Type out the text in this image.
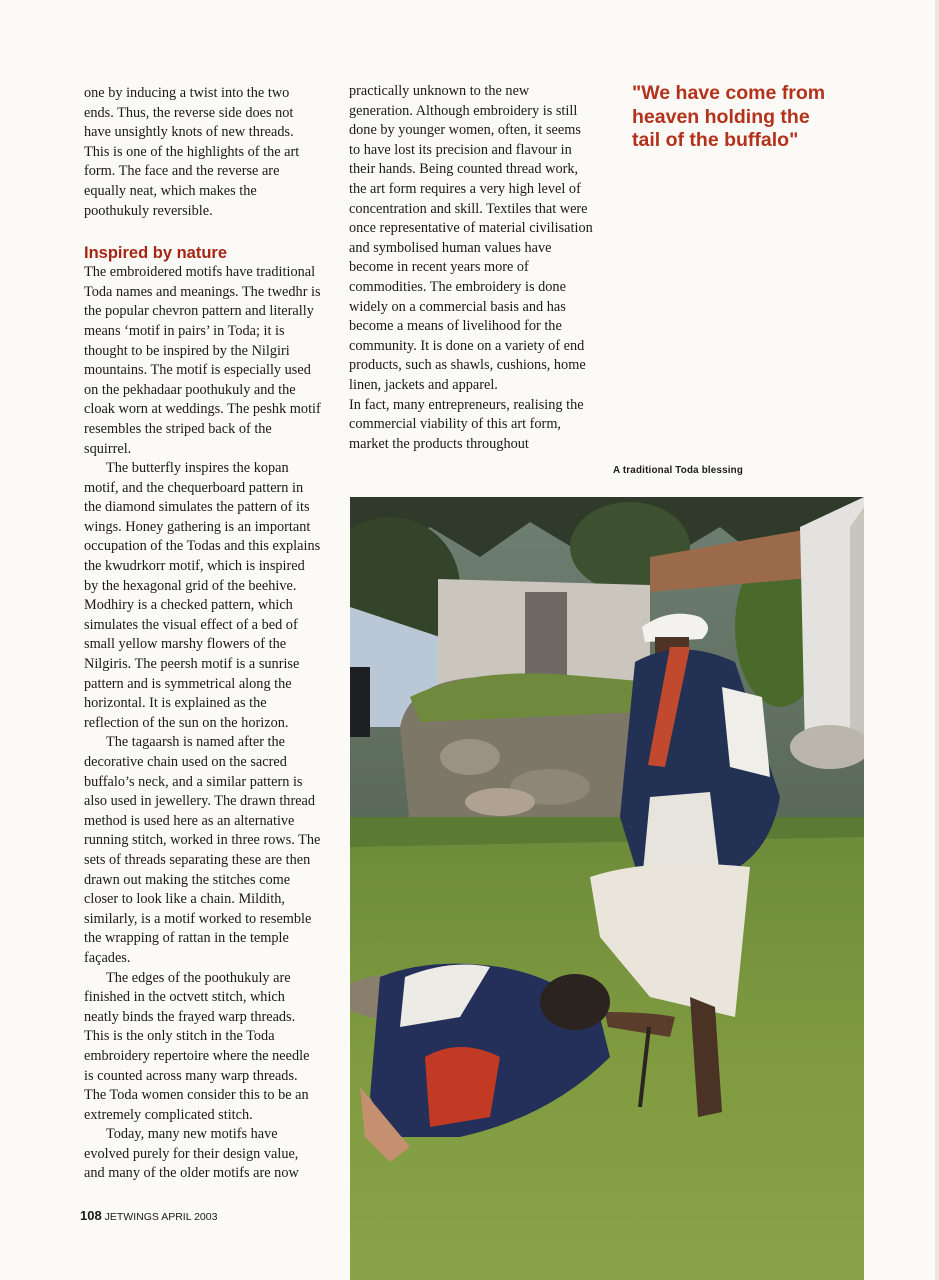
one by inducing a twist into the two ends. Thus, the reverse side does not have unsightly knots of new threads. This is one of the highlights of the art form. The face and the reverse are equally neat, which makes the poothukuly reversible.

Inspired by nature

The embroidered motifs have traditional Toda names and meanings. The twedhr is the popular chevron pattern and literally means ‘motif in pairs’ in Toda; it is thought to be inspired by the Nilgiri mountains. The motif is especially used on the pekhadaar poothukuly and the cloak worn at weddings. The peshk motif resembles the striped back of the squirrel.

The butterfly inspires the kopan motif, and the chequerboard pattern in the diamond simulates the pattern of its wings. Honey gathering is an important occupation of the Todas and this explains the kwudrkorr motif, which is inspired by the hexagonal grid of the beehive. Modhiry is a checked pattern, which simulates the visual effect of a bed of small yellow marshy flowers of the Nilgiris. The peersh motif is a sunrise pattern and is symmetrical along the horizontal. It is explained as the reflection of the sun on the horizon.

The tagaarsh is named after the decorative chain used on the sacred buffalo’s neck, and a similar pattern is also used in jewellery. The drawn thread method is used here as an alternative running stitch, worked in three rows. The sets of threads separating these are then drawn out making the stitches come closer to look like a chain. Mildith, similarly, is a motif worked to resemble the wrapping of rattan in the temple façades.

The edges of the poothukuly are finished in the octvett stitch, which neatly binds the frayed warp threads. This is the only stitch in the Toda embroidery repertoire where the needle is counted across many warp threads. The Toda women consider this to be an extremely complicated stitch.

Today, many new motifs have evolved purely for their design value, and many of the older motifs are now

practically unknown to the new generation. Although embroidery is still done by younger women, often, it seems to have lost its precision and flavour in their hands. Being counted thread work, the art form requires a very high level of concentration and skill. Textiles that were once representative of material civilisation and symbolised human values have become in recent years more of commodities. The embroidery is done widely on a commercial basis and has become a means of livelihood for the community. It is done on a variety of end products, such as shawls, cushions, home linen, jackets and apparel.

In fact, many entrepreneurs, realising the commercial viability of this art form, market the products throughout

"We have come from heaven holding the tail of the buffalo"
A traditional Toda blessing
108 JETWINGS APRIL 2003
